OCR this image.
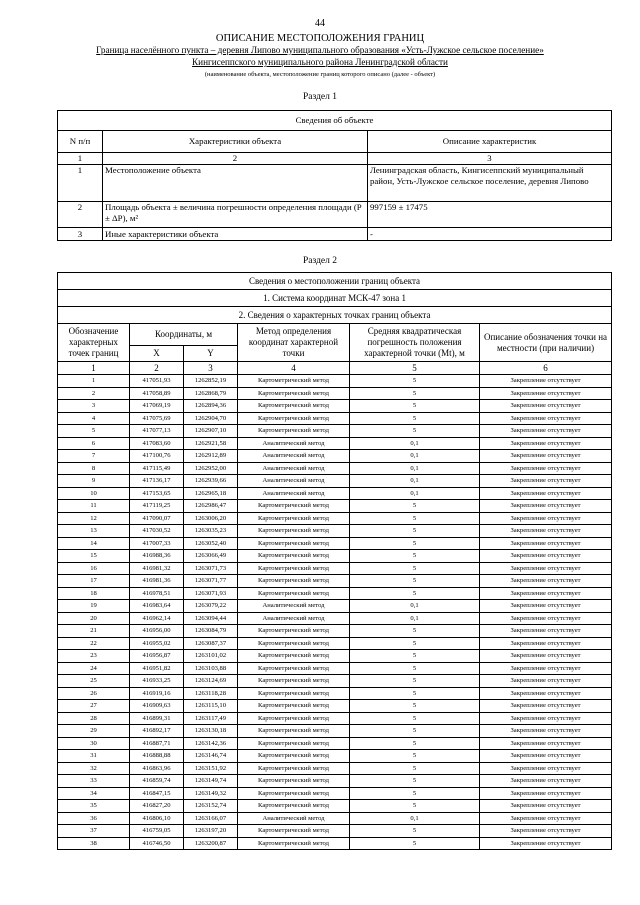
44
ОПИСАНИЕ МЕСТОПОЛОЖЕНИЯ ГРАНИЦ
Граница населённого пункта – деревня Липово муниципального образования «Усть-Лужское сельское поселение»
Кингисеппского муниципального района Ленинградской области
(наименование объекта, местоположение границ которого описано (далее - объект)
Раздел 1
Сведения об объекте		
N п/п	Характеристики объекта	Описание характеристик
1	2	3
1	Местоположение объекта	Ленинградская область, Кингисеппский муниципальный район, Усть-Лужское сельское поселение, деревня Липово
2	Площадь объекта ± величина погрешности определения площади (Р ± ΔР), м²	997159 ± 17475
3	Иные характеристики объекта	-
Раздел 2
Сведения о местоположении границ объекта					
1. Система координат МСК-47 зона 1					
2. Сведения о характерных точках границ объекта					
Обозначение характерных точек границ	Координаты, м		Метод определения координат характерной точки	Средняя квадратическая погрешность положения характерной точки (Mt), м	Описание обозначения точки на местности (при наличии)
	X	Y			
1	2	3	4	5	6
1	417051,93	1262852,19	Картометрический метод	5	Закрепление отсутствует
2	417058,89	1262868,79	Картометрический метод	5	Закрепление отсутствует
3	417069,19	1262894,36	Картометрический метод	5	Закрепление отсутствует
4	417075,69	1262904,70	Картометрический метод	5	Закрепление отсутствует
5	417077,13	1262907,10	Картометрический метод	5	Закрепление отсутствует
6	417083,60	1262921,58	Аналитический метод	0,1	Закрепление отсутствует
7	417100,76	1262912,89	Аналитический метод	0,1	Закрепление отсутствует
8	417115,49	1262952,00	Аналитический метод	0,1	Закрепление отсутствует
9	417136,17	1262939,66	Аналитический метод	0,1	Закрепление отсутствует
10	417153,65	1262965,18	Аналитический метод	0,1	Закрепление отсутствует
11	417119,25	1262986,47	Картометрический метод	5	Закрепление отсутствует
12	417090,07	1263006,20	Картометрический метод	5	Закрепление отсутствует
13	417030,52	1263035,23	Картометрический метод	5	Закрепление отсутствует
14	417007,33	1263052,40	Картометрический метод	5	Закрепление отсутствует
15	416988,36	1263066,49	Картометрический метод	5	Закрепление отсутствует
16	416981,32	1263071,73	Картометрический метод	5	Закрепление отсутствует
17	416981,36	1263071,77	Картометрический метод	5	Закрепление отсутствует
18	416978,51	1263071,93	Картометрический метод	5	Закрепление отсутствует
19	416983,64	1263079,22	Аналитический метод	0,1	Закрепление отсутствует
20	416962,14	1263094,44	Аналитический метод	0,1	Закрепление отсутствует
21	416956,00	1263084,79	Картометрический метод	5	Закрепление отсутствует
22	416955,02	1263087,37	Картометрический метод	5	Закрепление отсутствует
23	416956,87	1263101,02	Картометрический метод	5	Закрепление отсутствует
24	416951,82	1263103,88	Картометрический метод	5	Закрепление отсутствует
25	416933,25	1263124,69	Картометрический метод	5	Закрепление отсутствует
26	416919,16	1263118,28	Картометрический метод	5	Закрепление отсутствует
27	416909,63	1263115,10	Картометрический метод	5	Закрепление отсутствует
28	416899,31	1263117,49	Картометрический метод	5	Закрепление отсутствует
29	416892,17	1263130,18	Картометрический метод	5	Закрепление отсутствует
30	416887,71	1263142,36	Картометрический метод	5	Закрепление отсутствует
31	416888,88	1263146,74	Картометрический метод	5	Закрепление отсутствует
32	416863,96	1263151,92	Картометрический метод	5	Закрепление отсутствует
33	416859,74	1263149,74	Картометрический метод	5	Закрепление отсутствует
34	416847,15	1263149,32	Картометрический метод	5	Закрепление отсутствует
35	416827,20	1263152,74	Картометрический метод	5	Закрепление отсутствует
36	416806,10	1263166,07	Аналитический метод	0,1	Закрепление отсутствует
37	416759,05	1263197,20	Картометрический метод	5	Закрепление отсутствует
38	416746,50	1263200,87	Картометрический метод	5	Закрепление отсутствует
